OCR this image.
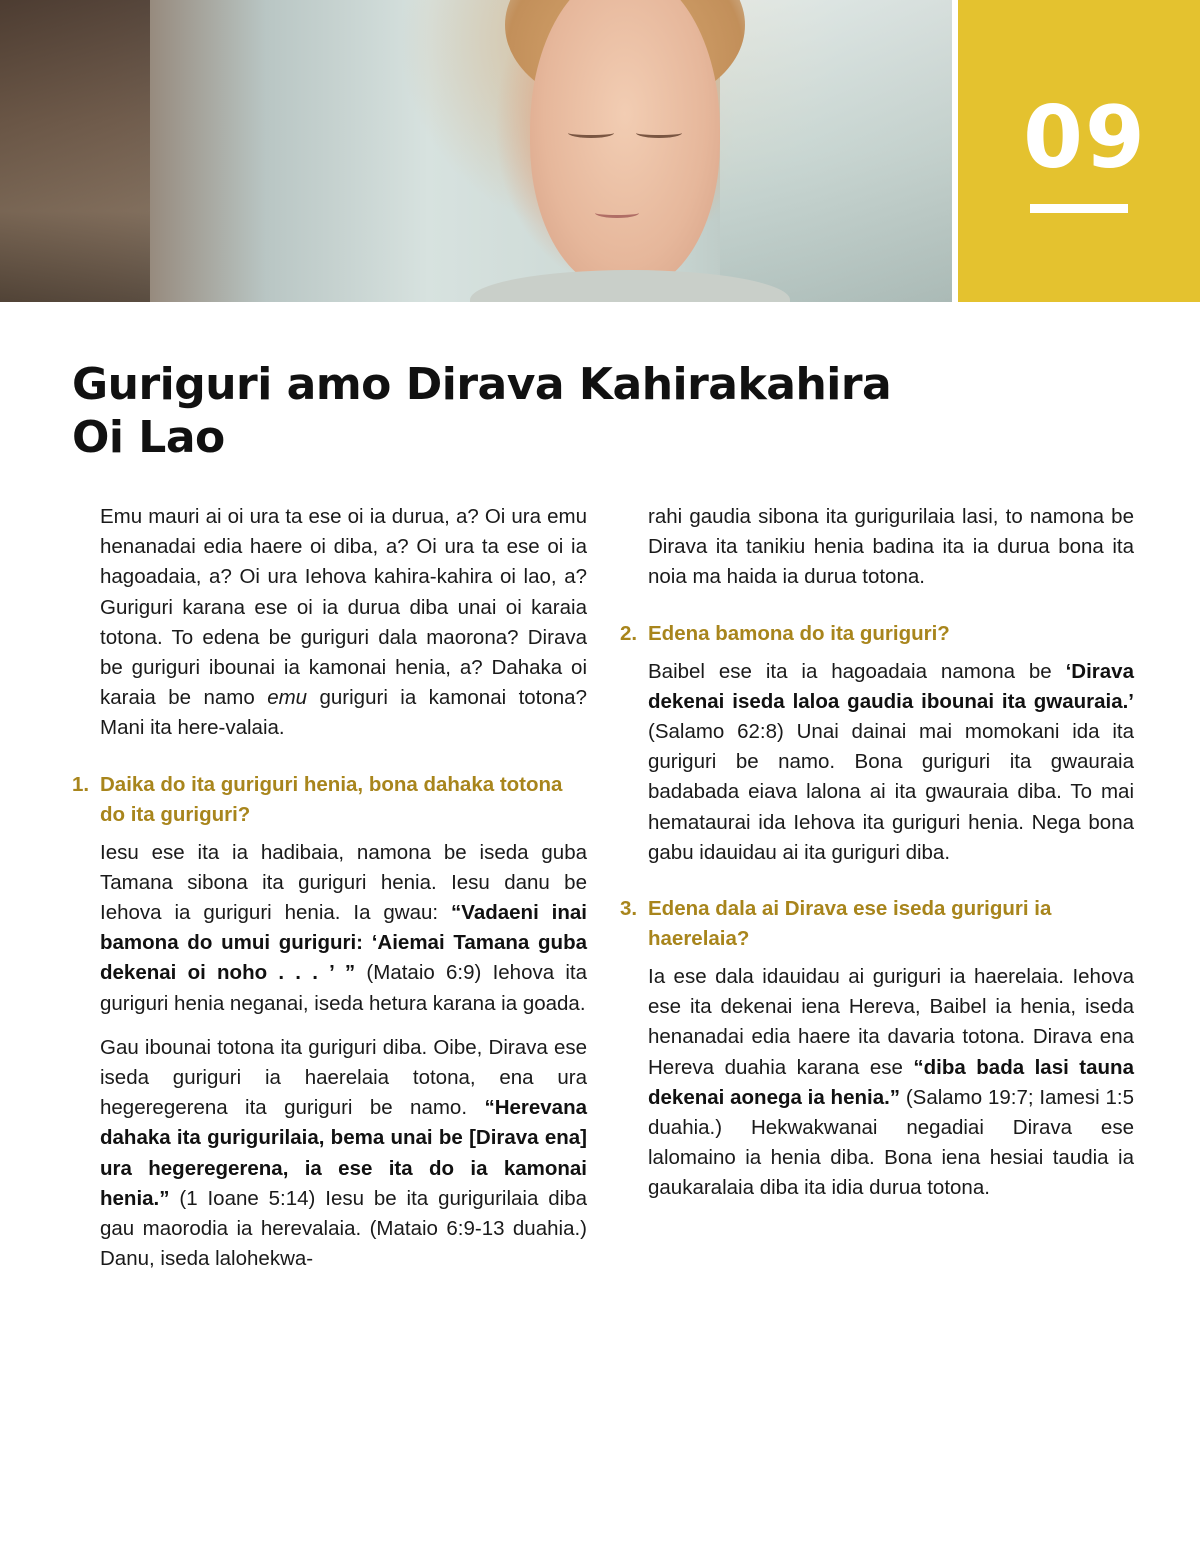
09
Guriguri amo Dirava Kahirakahira
Oi Lao

Emu mauri ai oi ura ta ese oi ia durua, a? Oi ura emu henanadai edia haere oi diba, a? Oi ura ta ese oi ia hagoadaia, a? Oi ura Iehova kahira-kahira oi lao, a? Guriguri karana ese oi ia durua diba unai oi karaia totona. To edena be guriguri dala maorona? Dirava be guriguri ibounai ia kamonai henia, a? Dahaka oi karaia be namo emu guriguri ia kamonai totona? Mani ita here-valaia.

1. Daika do ita guriguri henia, bona dahaka totona do ita guriguri?

Iesu ese ita ia hadibaia, namona be iseda guba Tamana sibona ita guriguri henia. Iesu danu be Iehova ia guriguri henia. Ia gwau: “Vadaeni inai bamona do umui guriguri: ‘Aiemai Tamana guba dekenai oi noho . . . ’ ” (Mataio 6:9) Iehova ita guriguri henia neganai, iseda hetura karana ia goada.

Gau ibounai totona ita guriguri diba. Oibe, Dirava ese iseda guriguri ia haerelaia totona, ena ura hegeregerena ita guriguri be namo. “Herevana dahaka ita gurigurilaia, bema unai be [Dirava ena] ura hegeregerena, ia ese ita do ia kamonai henia.” (1 Ioane 5:14) Iesu be ita gurigurilaia diba gau maorodia ia herevalaia. (Mataio 6:9-13 duahia.) Danu, iseda lalohekwa-

rahi gaudia sibona ita gurigurilaia lasi, to namona be Dirava ita tanikiu henia badina ita ia durua bona ita noia ma haida ia durua totona.

2. Edena bamona do ita guriguri?

Baibel ese ita ia hagoadaia namona be ‘Dirava dekenai iseda laloa gaudia ibounai ita gwauraia.’ (Salamo 62:8) Unai dainai mai momokani ida ita guriguri be namo. Bona guriguri ita gwauraia badabada eiava lalona ai ita gwauraia diba. To mai hemataurai ida Iehova ita guriguri henia. Nega bona gabu idauidau ai ita guriguri diba.

3. Edena dala ai Dirava ese iseda guriguri ia haerelaia?

Ia ese dala idauidau ai guriguri ia haerelaia. Iehova ese ita dekenai iena Hereva, Baibel ia henia, iseda henanadai edia haere ita davaria totona. Dirava ena Hereva duahia karana ese “diba bada lasi tauna dekenai aonega ia henia.” (Salamo 19:7; Iamesi 1:5 duahia.) Hekwakwanai negadiai Dirava ese lalomaino ia henia diba. Bona iena hesiai taudia ia gaukaralaia diba ita idia durua totona.
